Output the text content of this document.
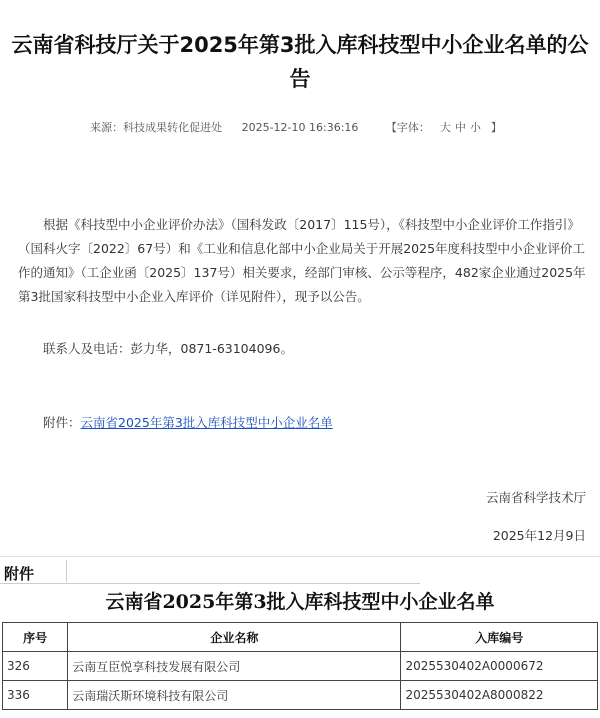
云南省科技厅关于2025年第3批入库科技型中小企业名单的公告
来源：科技成果转化促进处 2025-12-10 16:36:16	【字体： 大 中 小 】
根据《科技型中小企业评价办法》（国科发政〔2017〕115号），《科技型中小企业评价工作指引》（国科火字〔2022〕67号）和《工业和信息化部中小企业局关于开展2025年度科技型中小企业评价工作的通知》（工企业函〔2025〕137号）相关要求，经部门审核、公示等程序，482家企业通过2025年第3批国家科技型中小企业入库评价（详见附件），现予以公告。
联系人及电话：彭力华，0871-63104096。
附件：云南省2025年第3批入库科技型中小企业名单
云南省科学技术厅
2025年12月9日
附件
云南省2025年第3批入库科技型中小企业名单
序号	企业名称	入库编号
326	云南互臣悦享科技发展有限公司	2025530402A0000672
336	云南瑞沃斯环境科技有限公司	2025530402A8000822
